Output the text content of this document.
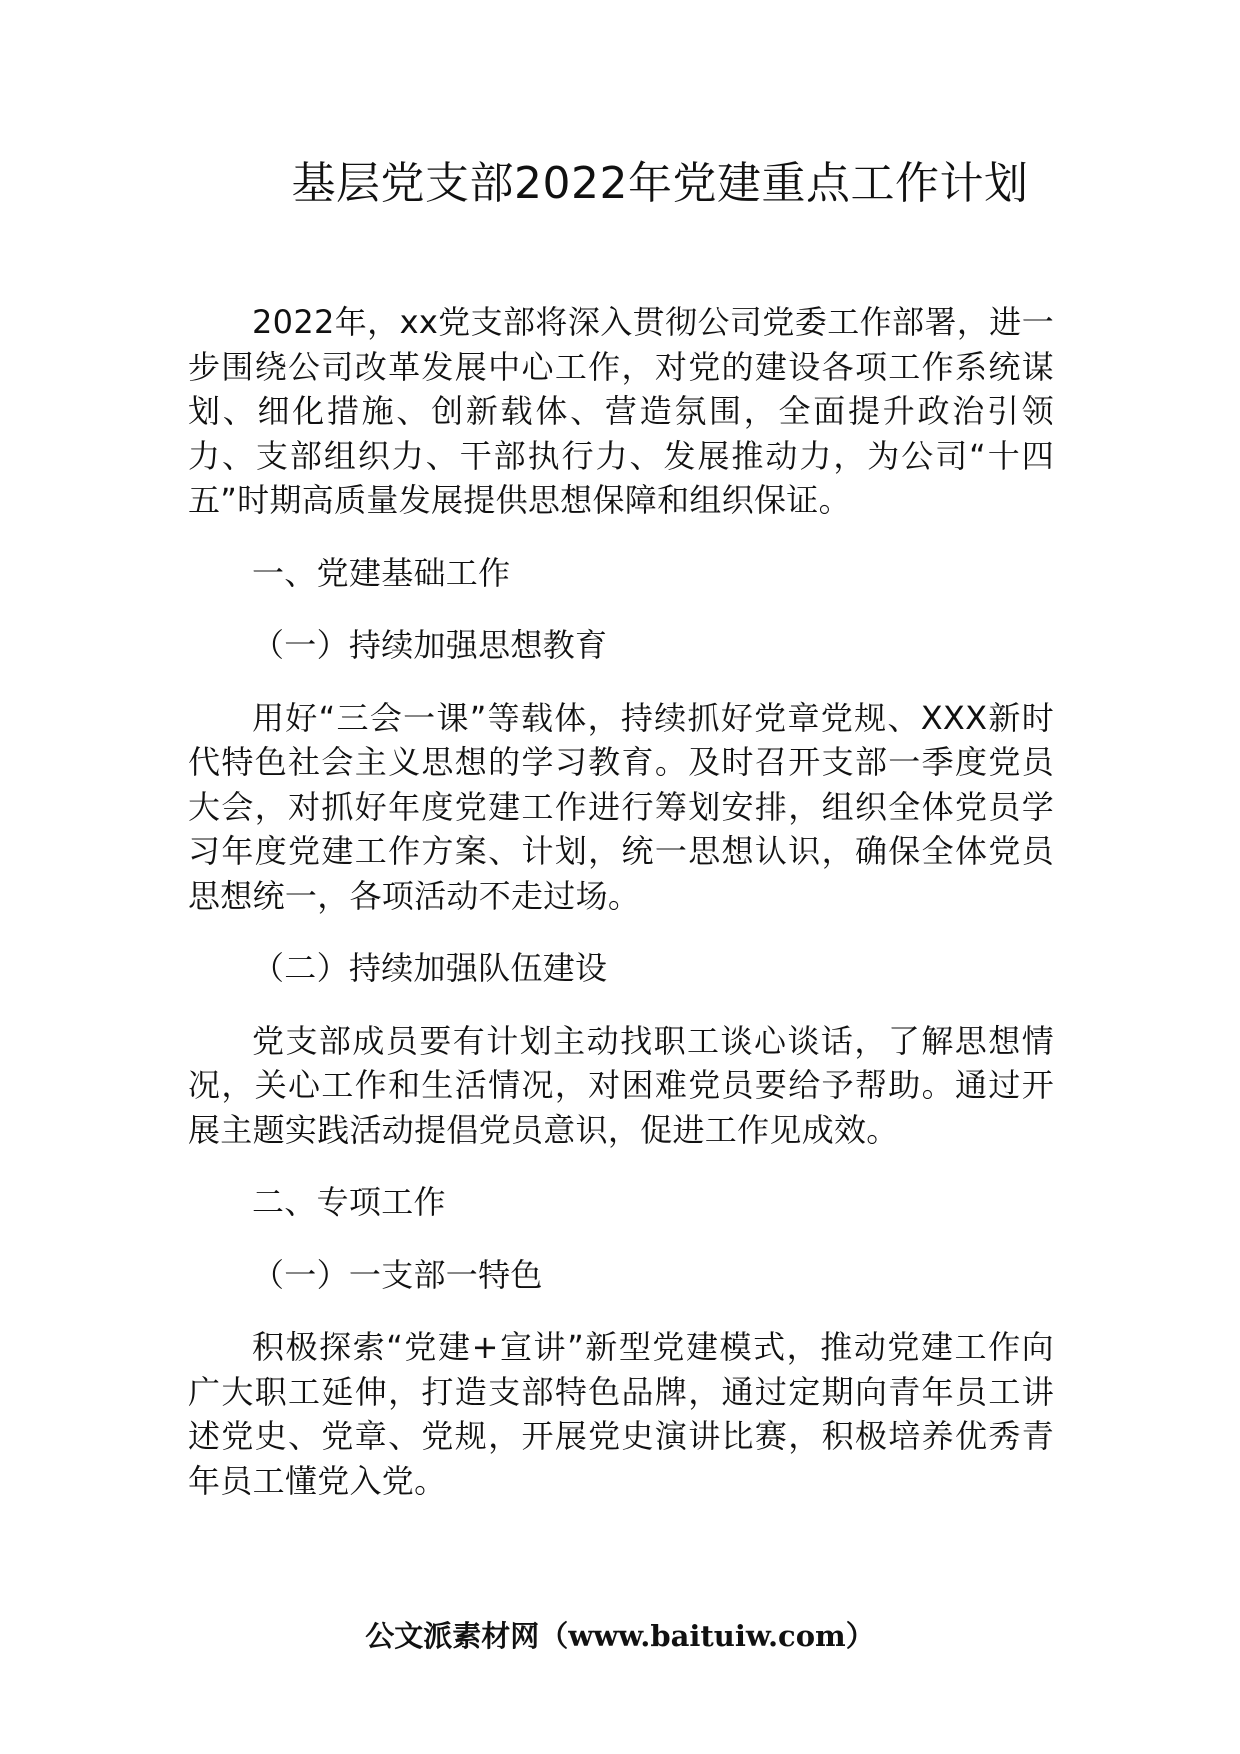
基层党支部2022年党建重点工作计划

2022年，xx党支部将深入贯彻公司党委工作部署，进一步围绕公司改革发展中心工作，对党的建设各项工作系统谋划、细化措施、创新载体、营造氛围，全面提升政治引领力、支部组织力、干部执行力、发展推动力，为公司“十四五”时期高质量发展提供思想保障和组织保证。

一、党建基础工作

（一）持续加强思想教育

用好“三会一课”等载体，持续抓好党章党规、XXX新时代特色社会主义思想的学习教育。及时召开支部一季度党员大会，对抓好年度党建工作进行筹划安排，组织全体党员学习年度党建工作方案、计划，统一思想认识，确保全体党员思想统一，各项活动不走过场。

（二）持续加强队伍建设

党支部成员要有计划主动找职工谈心谈话，了解思想情况，关心工作和生活情况，对困难党员要给予帮助。通过开展主题实践活动提倡党员意识，促进工作见成效。

二、专项工作

（一）一支部一特色

积极探索“党建+宣讲”新型党建模式，推动党建工作向广大职工延伸，打造支部特色品牌，通过定期向青年员工讲述党史、党章、党规，开展党史演讲比赛，积极培养优秀青年员工懂党入党。

公文派素材网（www.baituiw.com）
